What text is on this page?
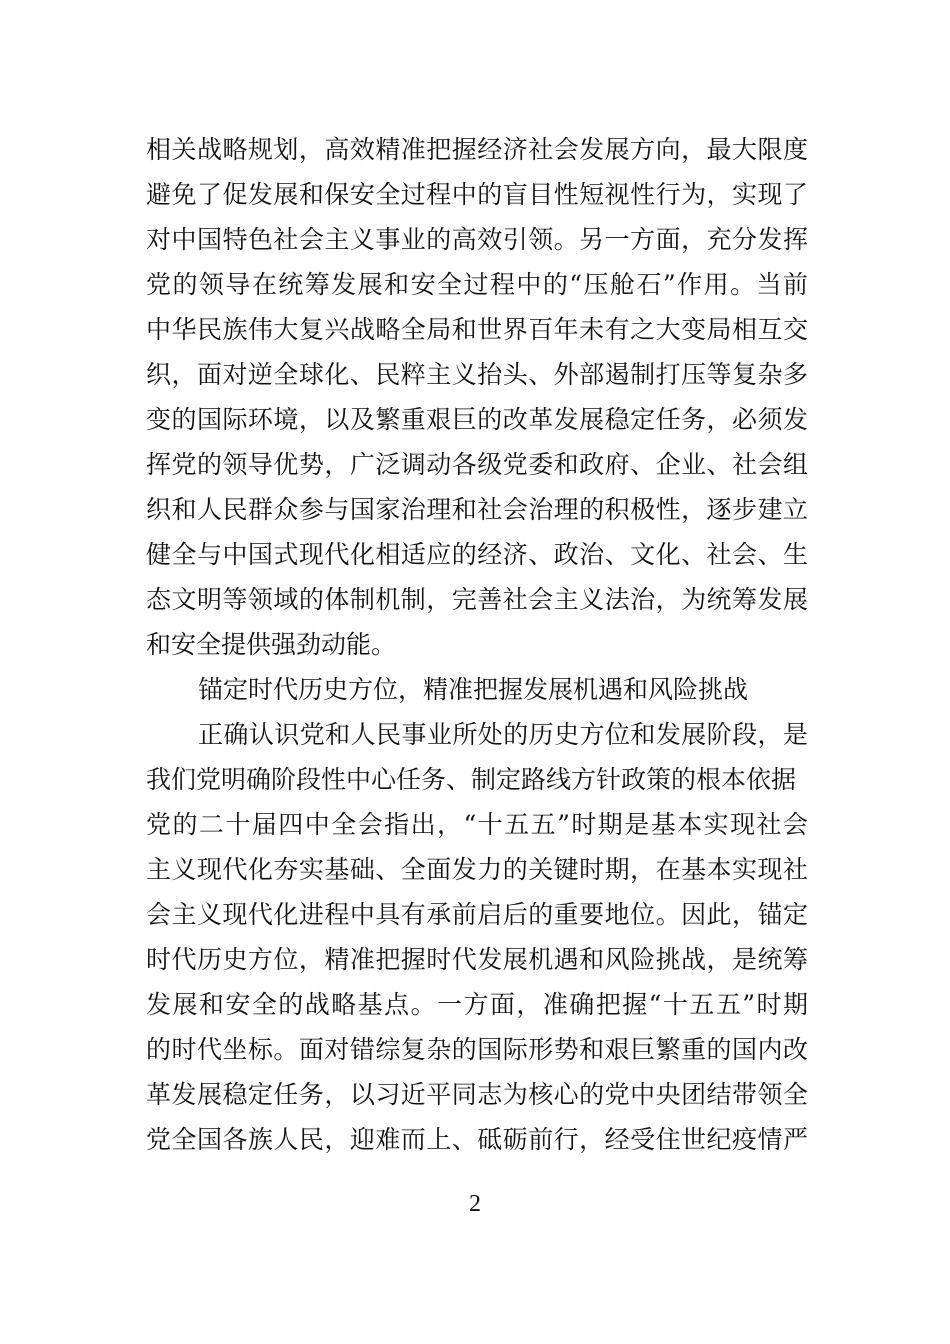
相关战略规划，高效精准把握经济社会发展方向，最大限度
避免了促发展和保安全过程中的盲目性短视性行为，实现了
对中国特色社会主义事业的高效引领。另一方面，充分发挥
党的领导在统筹发展和安全过程中的“压舱石”作用。当前
中华民族伟大复兴战略全局和世界百年未有之大变局相互交
织，面对逆全球化、民粹主义抬头、外部遏制打压等复杂多
变的国际环境，以及繁重艰巨的改革发展稳定任务，必须发
挥党的领导优势，广泛调动各级党委和政府、企业、社会组
织和人民群众参与国家治理和社会治理的积极性，逐步建立
健全与中国式现代化相适应的经济、政治、文化、社会、生
态文明等领域的体制机制，完善社会主义法治，为统筹发展
和安全提供强劲动能。
锚定时代历史方位，精准把握发展机遇和风险挑战
正确认识党和人民事业所处的历史方位和发展阶段，是
我们党明确阶段性中心任务、制定路线方针政策的根本依据
党的二十届四中全会指出，“十五五”时期是基本实现社会
主义现代化夯实基础、全面发力的关键时期，在基本实现社
会主义现代化进程中具有承前启后的重要地位。因此，锚定
时代历史方位，精准把握时代发展机遇和风险挑战，是统筹
发展和安全的战略基点。一方面，准确把握“十五五”时期
的时代坐标。面对错综复杂的国际形势和艰巨繁重的国内改
革发展稳定任务，以习近平同志为核心的党中央团结带领全
党全国各族人民，迎难而上、砥砺前行，经受住世纪疫情严
2
